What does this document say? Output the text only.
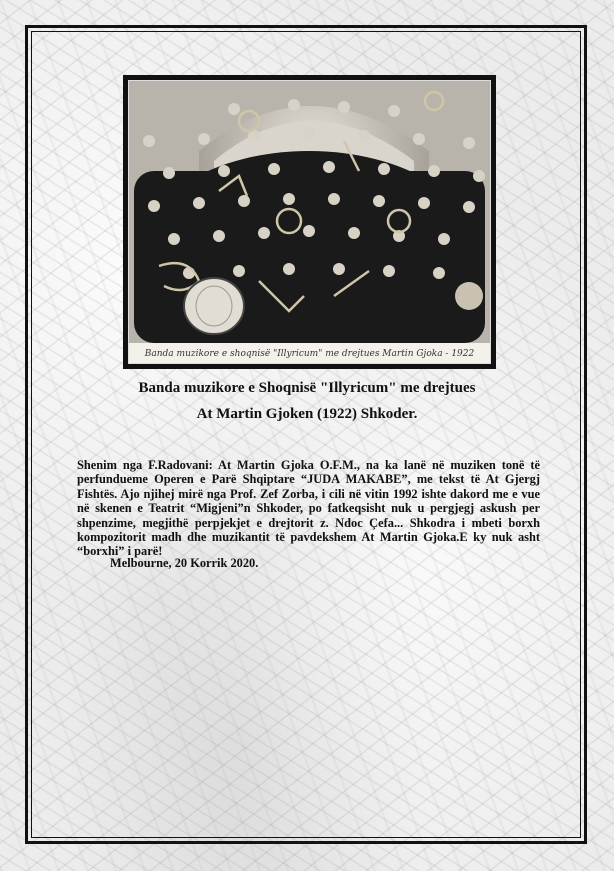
Banda muzikore e shoqnisë "Illyricum" me drejtues Martin Gjoka - 1922
Banda muzikore e Shoqnisë "Illyricum" me drejtues
At Martin Gjoken (1922) Shkoder.
Shenim nga F.Radovani: At Martin Gjoka O.F.M., na ka lanë në muziken tonë të perfundueme Operen e Parë Shqiptare “JUDA MAKABE”, me tekst të At Gjergj Fishtës. Ajo njihej mirë nga Prof. Zef Zorba, i cili në vitin 1992 ishte dakord me e vue në skenen e Teatrit “Migjeni”n Shkoder, po fatkeqsisht nuk u pergjegj askush per shpenzime, megjithë perpjekjet e drejtorit z. Ndoc Çefa... Shkodra i mbeti borxh kompozitorit madh dhe muzikantit të pavdekshem At Martin Gjoka.E ky nuk asht “borxhi” i parë!
Melbourne, 20 Korrik 2020.
